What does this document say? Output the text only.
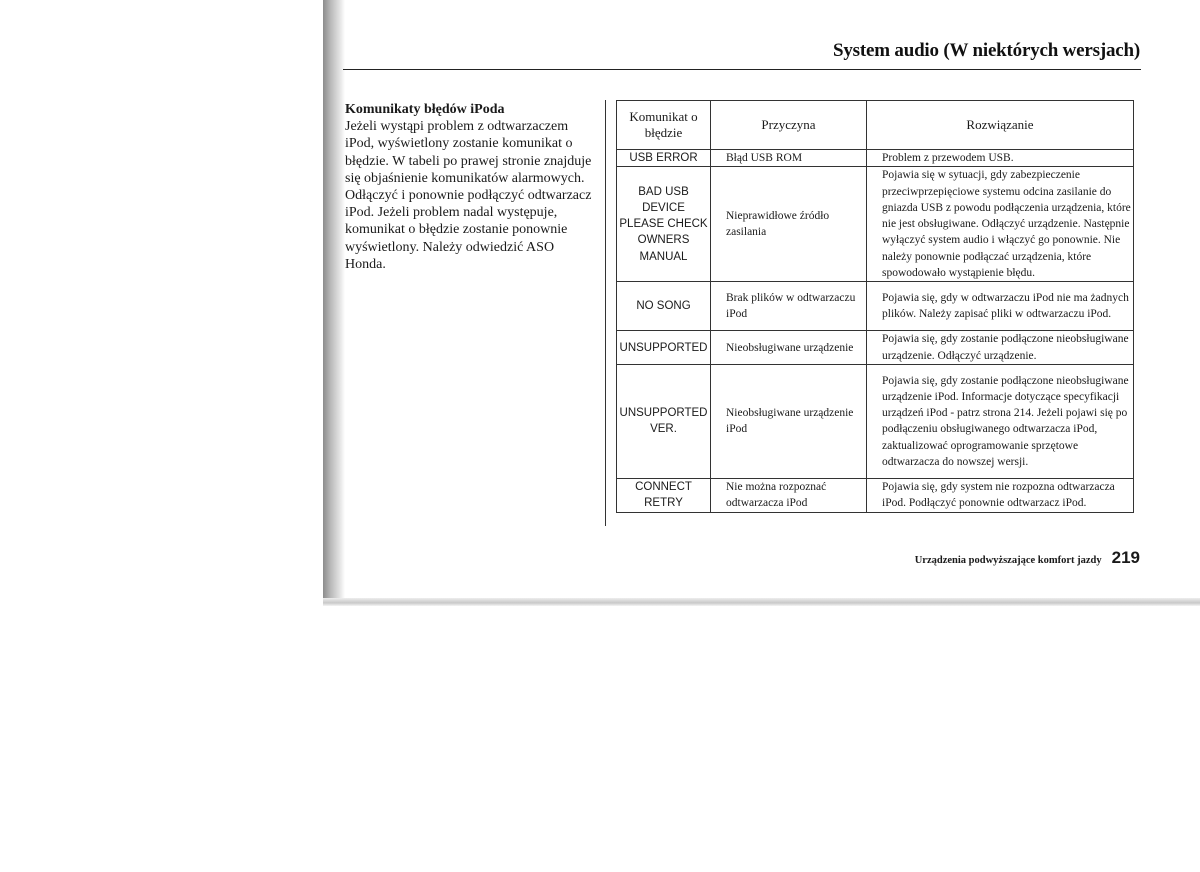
System audio (W niektórych wersjach)
Komunikaty błędów iPoda
Jeżeli wystąpi problem z odtwarzaczem iPod, wyświetlony zostanie komunikat o błędzie. W tabeli po prawej stronie znajduje się objaśnienie komunikatów alarmowych. Odłączyć i ponownie podłączyć odtwarzacz iPod. Jeżeli problem nadal występuje, komunikat o błędzie zostanie ponownie wyświetlony. Należy odwiedzić ASO Honda.
Komunikat o błędzie	Przyczyna	Rozwiązanie
USB ERROR	Błąd USB ROM	Problem z przewodem USB.
BAD USB DEVICE PLEASE CHECK OWNERS MANUAL	Nieprawidłowe źródło zasilania	Pojawia się w sytuacji, gdy zabezpieczenie przeciwprzepięciowe systemu odcina zasilanie do gniazda USB z powodu podłączenia urządzenia, które nie jest obsługiwane. Odłączyć urządzenie. Następnie wyłączyć system audio i włączyć go ponownie. Nie należy ponownie podłączać urządzenia, które spowodowało wystąpienie błędu.
NO SONG	Brak plików w odtwarzaczu iPod	Pojawia się, gdy w odtwarzaczu iPod nie ma żadnych plików. Należy zapisać pliki w odtwarzaczu iPod.
UNSUPPORTED	Nieobsługiwane urządzenie	Pojawia się, gdy zostanie podłączone nieobsługiwane urządzenie. Odłączyć urządzenie.
UNSUPPORTED VER.	Nieobsługiwane urządzenie iPod	Pojawia się, gdy zostanie podłączone nieobsługiwane urządzenie iPod. Informacje dotyczące specyfikacji urządzeń iPod - patrz strona 214. Jeżeli pojawi się po podłączeniu obsługiwanego odtwarzacza iPod, zaktualizować oprogramowanie sprzętowe odtwarzacza do nowszej wersji.
CONNECT RETRY	Nie można rozpoznać odtwarzacza iPod	Pojawia się, gdy system nie rozpozna odtwarzacza iPod. Podłączyć ponownie odtwarzacz iPod.
Urządzenia podwyższające komfort jazdy 219
